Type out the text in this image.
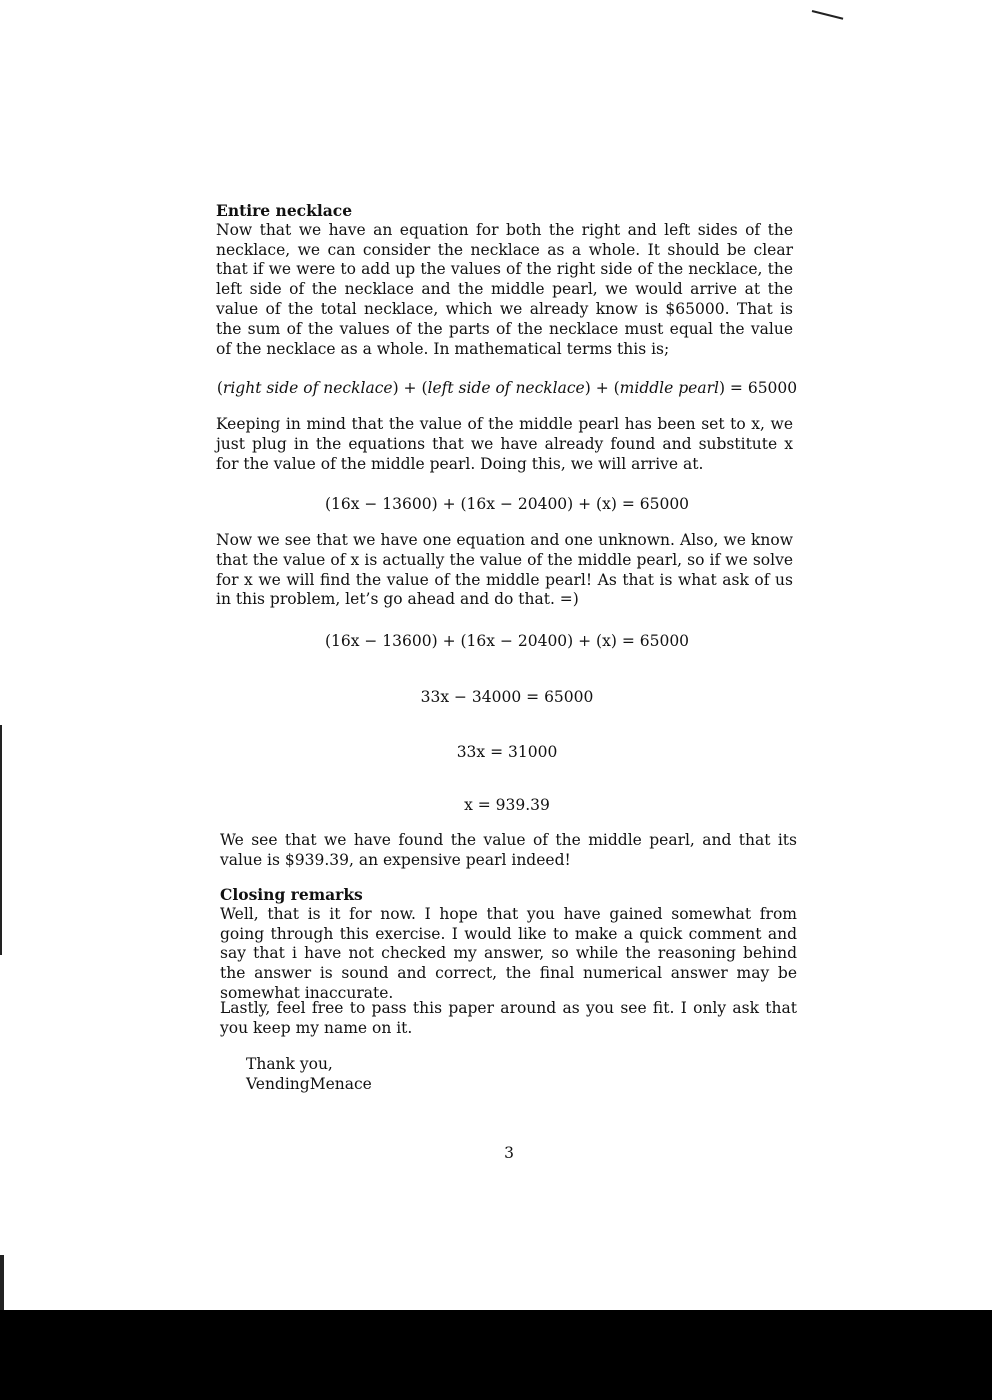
Entire necklace
Now that we have an equation for both the right and left sides of the necklace, we can consider the necklace as a whole. It should be clear that if we were to add up the values of the right side of the necklace, the left side of the necklace and the middle pearl, we would arrive at the value of the total necklace, which we already know is $65000. That is the sum of the values of the parts of the necklace must equal the value of the necklace as a whole. In mathematical terms this is;
(right side of necklace) + (left side of necklace) + (middle pearl) = 65000
Keeping in mind that the value of the middle pearl has been set to x, we just plug in the equations that we have already found and substitute x for the value of the middle pearl. Doing this, we will arrive at.
(16x − 13600) + (16x − 20400) + (x) = 65000
Now we see that we have one equation and one unknown. Also, we know that the value of x is actually the value of the middle pearl, so if we solve for x we will find the value of the middle pearl! As that is what ask of us in this problem, let’s go ahead and do that. =)
(16x − 13600) + (16x − 20400) + (x) = 65000
33x − 34000 = 65000
33x = 31000
x = 939.39
We see that we have found the value of the middle pearl, and that its value is $939.39, an expensive pearl indeed!
Closing remarks
Well, that is it for now. I hope that you have gained somewhat from going through this exercise. I would like to make a quick comment and say that i have not checked my answer, so while the reasoning behind the answer is sound and correct, the final numerical answer may be somewhat inaccurate.
Lastly, feel free to pass this paper around as you see fit. I only ask that you keep my name on it.
Thank you,
VendingMenace
3
